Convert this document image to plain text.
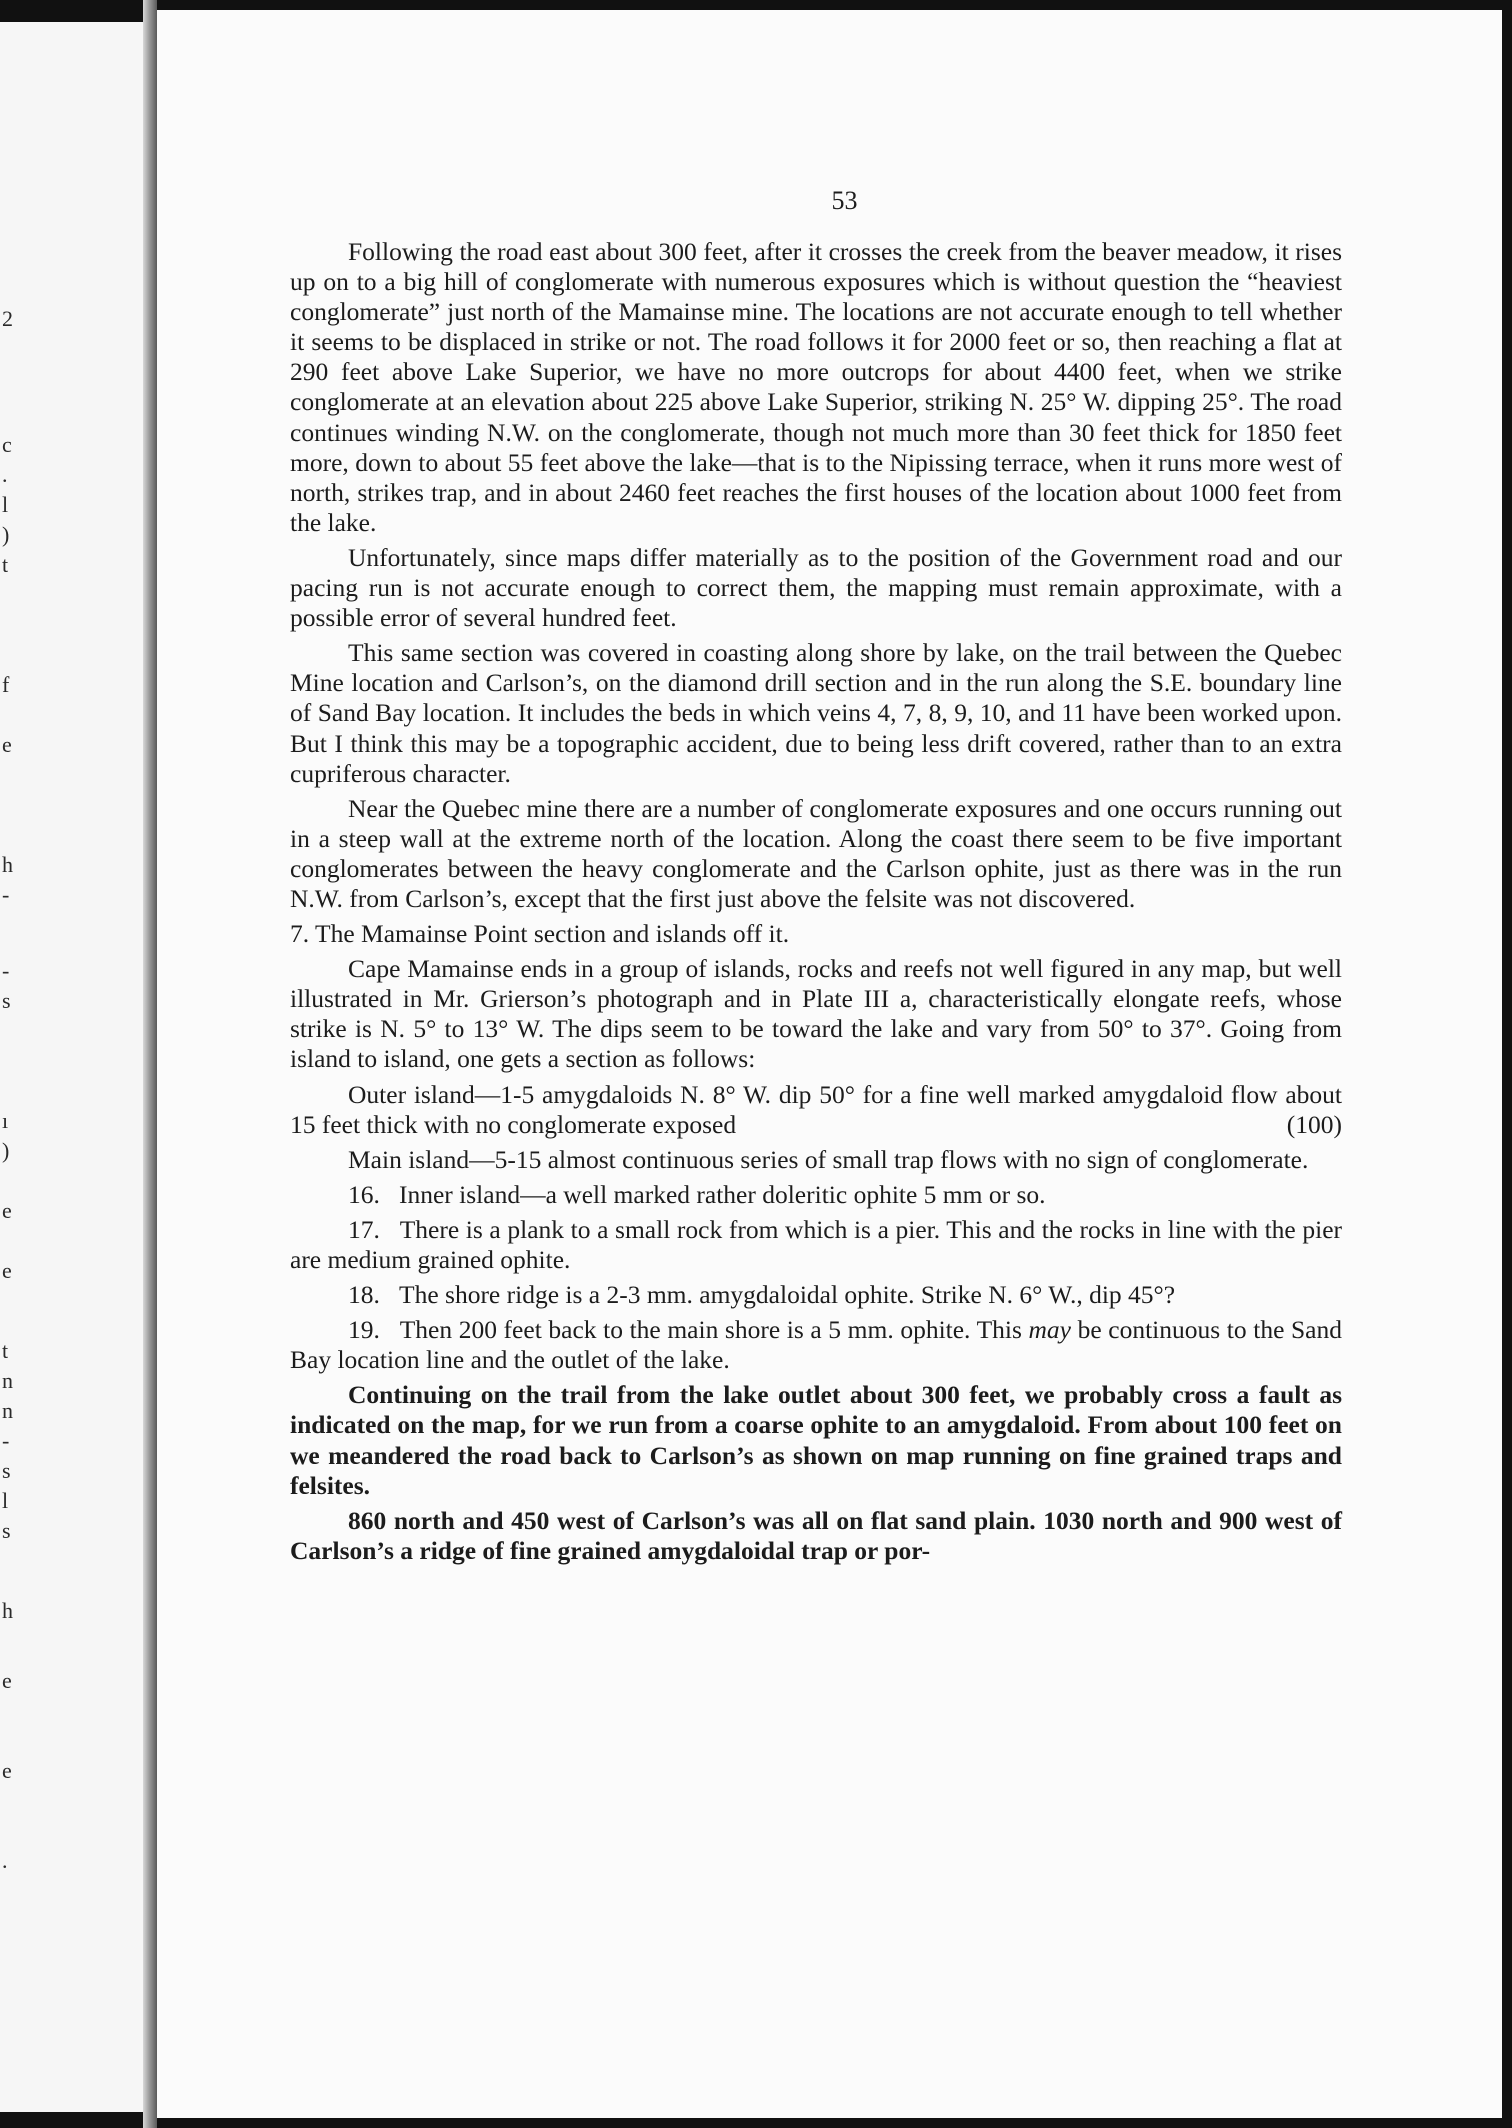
2
c
.
l
)
t
f
e
h
-
-
s
ı
)
e
e
t
n
n
-
s
l
s
h
e
e
.
53

Following the road east about 300 feet, after it crosses the creek from the beaver meadow, it rises up on to a big hill of conglomerate with numerous exposures which is without question the “heaviest conglomerate” just north of the Mamainse mine. The locations are not accurate enough to tell whether it seems to be displaced in strike or not. The road follows it for 2000 feet or so, then reaching a flat at 290 feet above Lake Superior, we have no more outcrops for about 4400 feet, when we strike conglomerate at an elevation about 225 above Lake Superior, striking N. 25° W. dipping 25°. The road continues winding N.W. on the conglomerate, though not much more than 30 feet thick for 1850 feet more, down to about 55 feet above the lake—that is to the Nipissing terrace, when it runs more west of north, strikes trap, and in about 2460 feet reaches the first houses of the location about 1000 feet from the lake.

Unfortunately, since maps differ materially as to the position of the Government road and our pacing run is not accurate enough to correct them, the mapping must remain approximate, with a possible error of several hundred feet.

This same section was covered in coasting along shore by lake, on the trail between the Quebec Mine location and Carlson’s, on the diamond drill section and in the run along the S.E. boundary line of Sand Bay location. It includes the beds in which veins 4, 7, 8, 9, 10, and 11 have been worked upon. But I think this may be a topographic accident, due to being less drift covered, rather than to an extra cupriferous character.

Near the Quebec mine there are a number of conglomerate exposures and one occurs running out in a steep wall at the extreme north of the location. Along the coast there seem to be five important conglomerates between the heavy conglomerate and the Carlson ophite, just as there was in the run N.W. from Carlson’s, except that the first just above the felsite was not discovered.

7. The Mamainse Point section and islands off it.

Cape Mamainse ends in a group of islands, rocks and reefs not well figured in any map, but well illustrated in Mr. Grierson’s photograph and in Plate III a, characteristically elongate reefs, whose strike is N. 5° to 13° W. The dips seem to be toward the lake and vary from 50° to 37°. Going from island to island, one gets a section as follows:

Outer island—1-5 amygdaloids N. 8° W. dip 50° for a fine well marked amygdaloid flow about 15 feet thick with no conglomerate exposed	(100)

Main island—5-15 almost continuous series of small trap flows with no sign of conglomerate.

16. Inner island—a well marked rather doleritic ophite 5 mm or so.

17. There is a plank to a small rock from which is a pier. This and the rocks in line with the pier are medium grained ophite.

18. The shore ridge is a 2-3 mm. amygdaloidal ophite. Strike N. 6° W., dip 45°?

19. Then 200 feet back to the main shore is a 5 mm. ophite. This may be continuous to the Sand Bay location line and the outlet of the lake.

Continuing on the trail from the lake outlet about 300 feet, we probably cross a fault as indicated on the map, for we run from a coarse ophite to an amygdaloid. From about 100 feet on we meandered the road back to Carlson’s as shown on map running on fine grained traps and felsites.

860 north and 450 west of Carlson’s was all on flat sand plain. 1030 north and 900 west of Carlson’s a ridge of fine grained amygdaloidal trap or por-
